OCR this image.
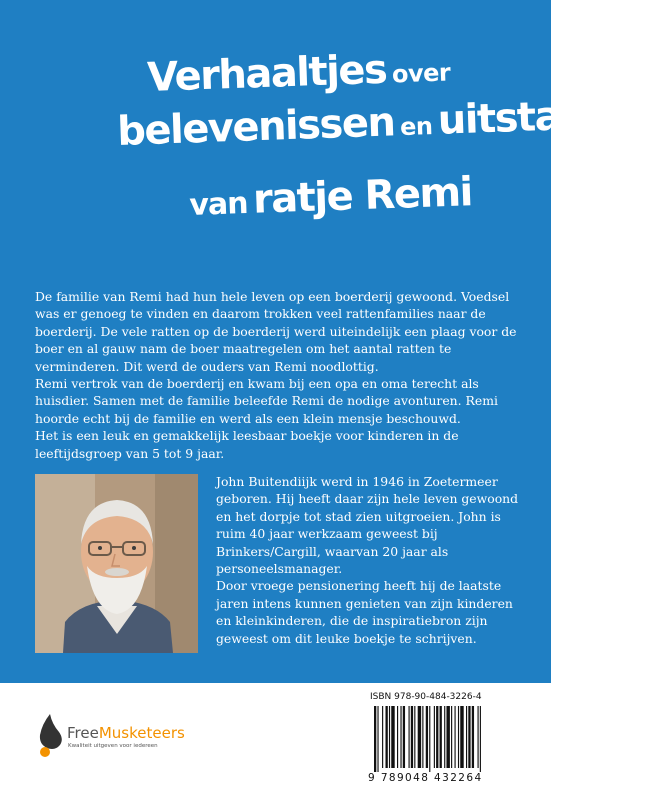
Verhaaltjes over
belevenissen en uitstapjes
van ratje Remi

De familie van Remi had hun hele leven op een boerderij gewoond. Voedsel was er genoeg te vinden en daarom trokken veel rattenfamilies naar de boerderij. De vele ratten op de boerderij werd uiteindelijk een plaag voor de boer en al gauw nam de boer maatregelen om het aantal ratten te verminderen. Dit werd de ouders van Remi noodlottig.

Remi vertrok van de boerderij en kwam bij een opa en oma terecht als huisdier. Samen met de familie beleefde Remi de nodige avonturen. Remi hoorde echt bij de familie en werd als een klein mensje beschouwd.

Het is een leuk en gemakkelijk leesbaar boekje voor kinderen in de leeftijdsgroep van 5 tot 9 jaar.

John Buitendiijk werd in 1946 in Zoetermeer geboren. Hij heeft daar zijn hele leven gewoond en het dorpje tot stad zien uitgroeien. John is ruim 40 jaar werkzaam geweest bij Brinkers/Cargill, waarvan 20 jaar als personeelsmanager.

Door vroege pensionering heeft hij de laatste jaren intens kunnen genieten van zijn kinderen en kleinkinderen, die de inspiratiebron zijn geweest om dit leuke boekje te schrijven.

FreeMusketeers
Kwaliteit uitgeven voor iedereen
ISBN 978-90-484-3226-4
9 789048 432264
